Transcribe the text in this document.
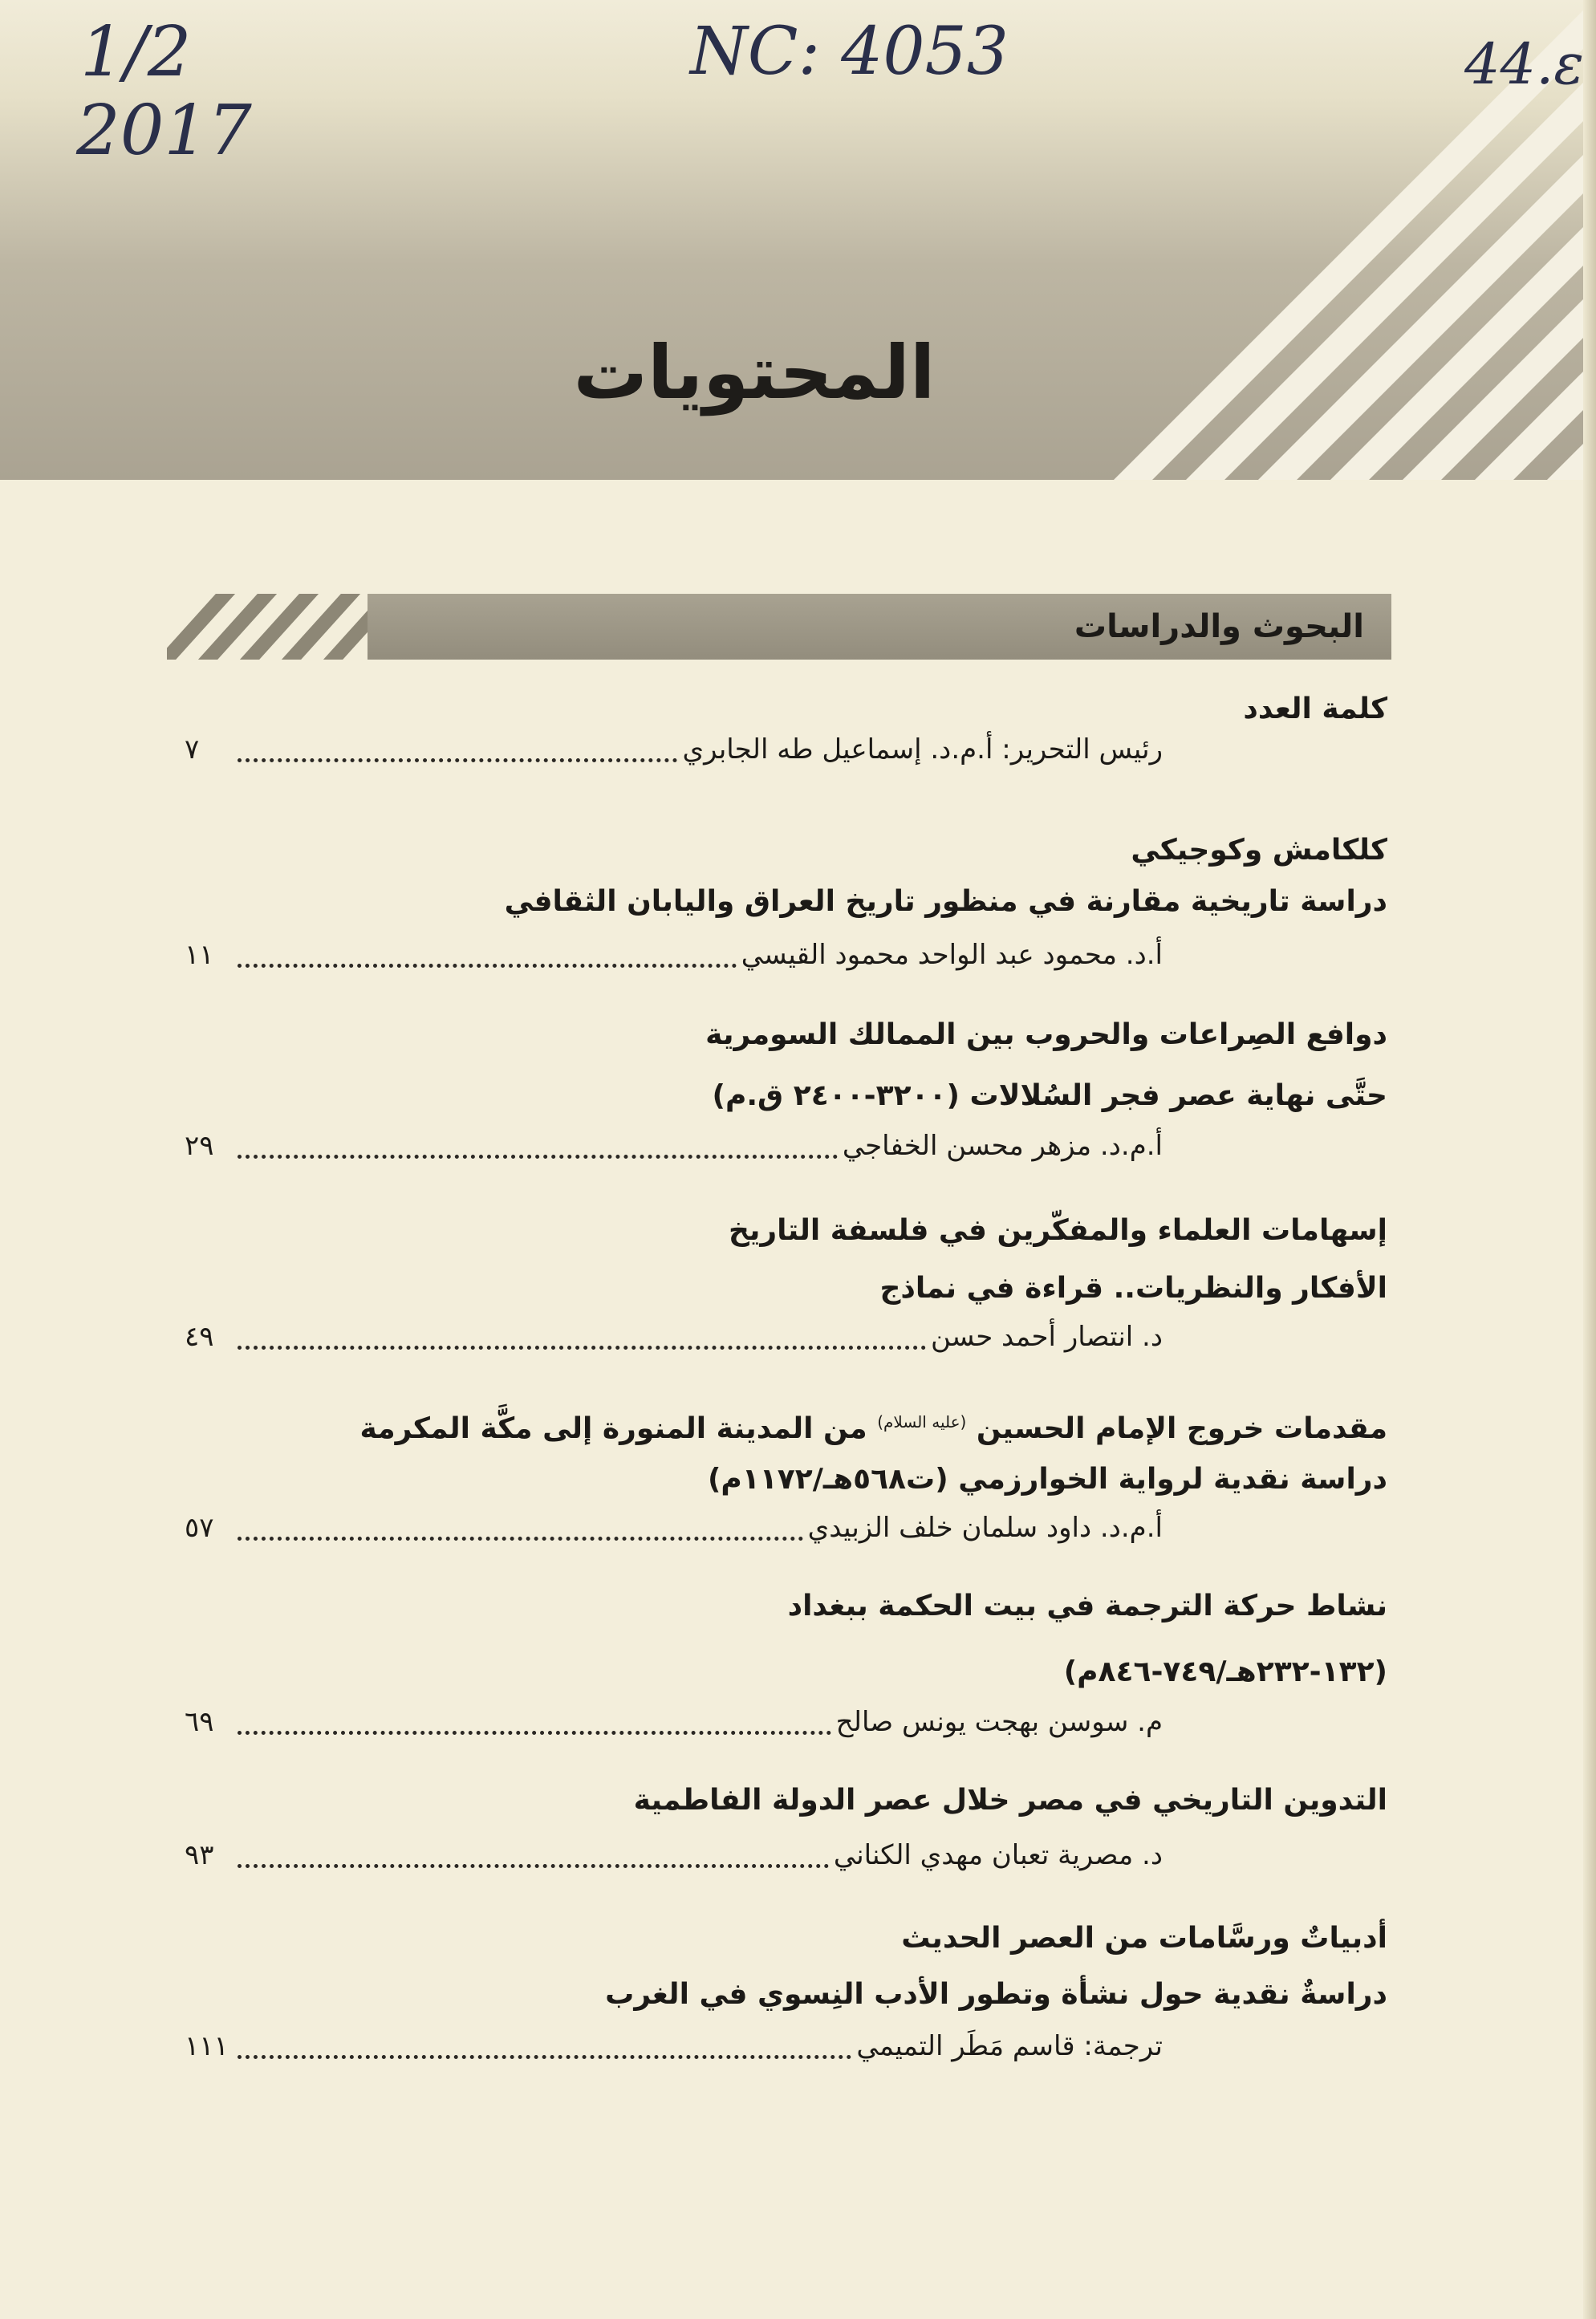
المحتويات
1/2
2017
NC: 4053	44.ε
البحوث والدراسات
كلمة العدد
رئيس التحرير: أ.م.د. إسماعيل طه الجابري
٧
كلكامش وكوجيكي
دراسة تاريخية مقارنة في منظور تاريخ العراق واليابان الثقافي
أ.د. محمود عبد الواحد محمود القيسي
١١
دوافع الصِراعات والحروب بين الممالك السومرية
حتَّى نهاية عصر فجر السُلالات (٣٢٠٠-٢٤٠٠ ق.م)
أ.م.د. مزهر محسن الخفاجي
٢٩
إسهامات العلماء والمفكّرين في فلسفة التاريخ
الأفكار والنظريات.. قراءة في نماذج
د. انتصار أحمد حسن
٤٩
مقدمات خروج الإمام الحسين $^{(عليه السلام)}$ من المدينة المنورة إلى مكَّة المكرمة
دراسة نقدية لرواية الخوارزمي (ت٥٦٨هـ/١١٧٢م)
أ.م.د. داود سلمان خلف الزبيدي
٥٧
نشاط حركة الترجمة في بيت الحكمة ببغداد
(١٣٢-٢٣٢هـ/٧٤٩-٨٤٦م)
م. سوسن بهجت يونس صالح
٦٩
التدوين التاريخي في مصر خلال عصر الدولة الفاطمية
د. مصرية تعبان مهدي الكناني
٩٣
أدبياتٌ ورسَّامات من العصر الحديث
دراسةٌ نقدية حول نشأة وتطور الأدب النِسوي في الغرب
ترجمة: قاسم مَطَر التميمي
١١١
